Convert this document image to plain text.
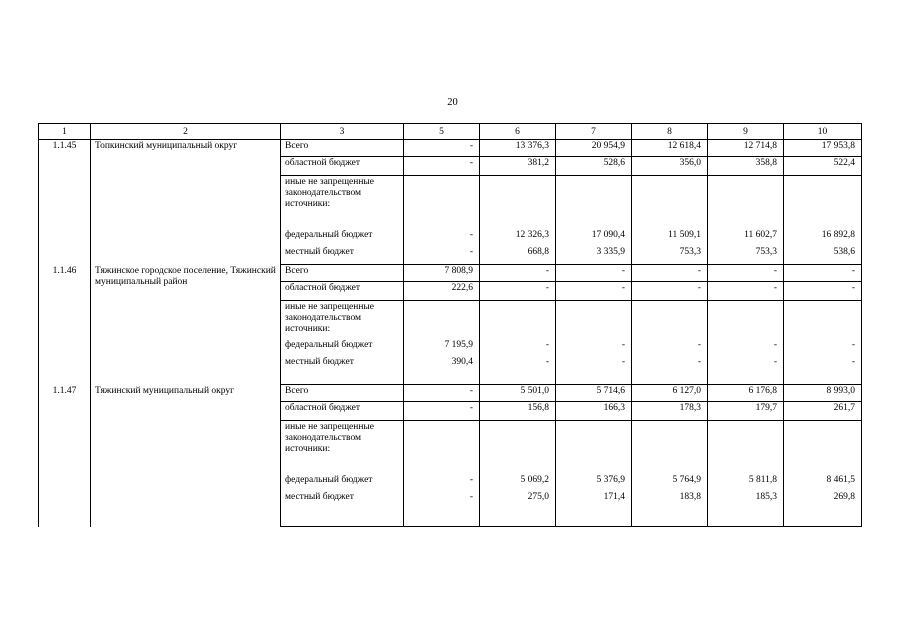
20
1	2	3	5	6	7	8	9	10
1.1.45	Топкинский муниципальный округ	Всего	-	13 376,3	20 954,9	12 618,4	12 714,8	17 953,8
		областной бюджет	-	381,2	528,6	356,0	358,8	522,4
		иные не запрещенные законодательством источники:						
		федеральный бюджет	-	12 326,3	17 090,4	11 509,1	11 602,7	16 892,8
		местный бюджет	-	668,8	3 335,9	753,3	753,3	538,6
1.1.46	Тяжинское городское поселение, Тяжинский муниципальный район	Всего	7 808,9	-	-	-	-	-
		областной бюджет	222,6	-	-	-	-	-
		иные не запрещенные законодательством источники:						
		федеральный бюджет	7 195,9	-	-	-	-	-
		местный бюджет	390,4	-	-	-	-	-
1.1.47	Тяжинский муниципальный округ	Всего	-	5 501,0	5 714,6	6 127,0	6 176,8	8 993,0
		областной бюджет	-	156,8	166,3	178,3	179,7	261,7
		иные не запрещенные законодательством источники:						
		федеральный бюджет	-	5 069,2	5 376,9	5 764,9	5 811,8	8 461,5
		местный бюджет	-	275,0	171,4	183,8	185,3	269,8
